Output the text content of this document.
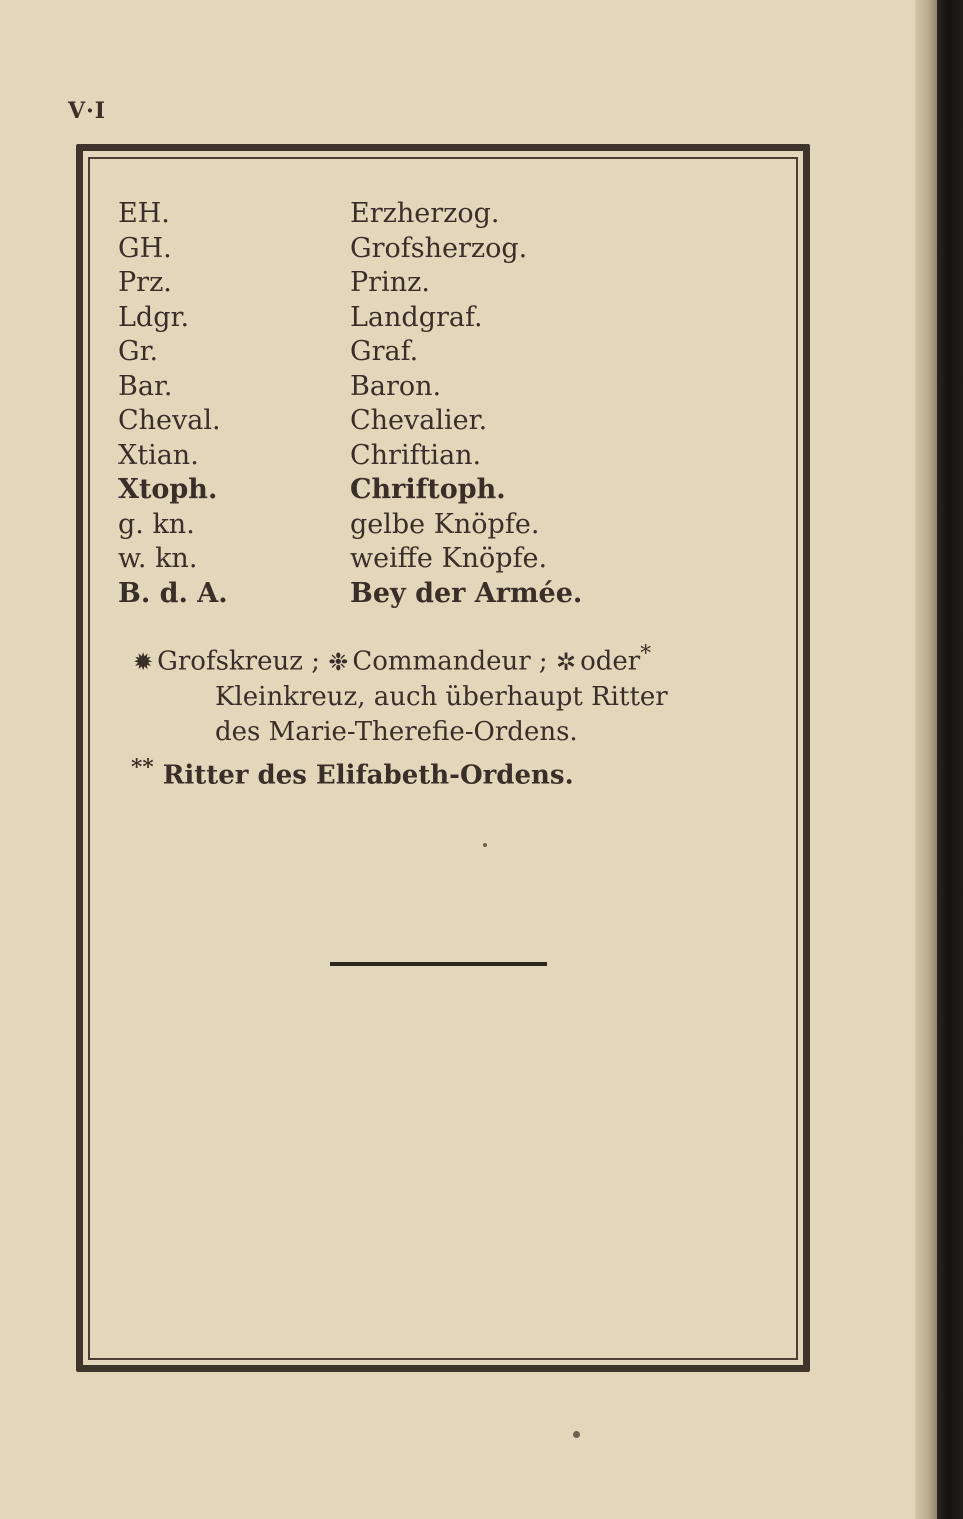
V·I
EH.	Erzherzog.
GH.	Grofsherzog.
Prz.	Prinz.
Ldgr.	Landgraf.
Gr.	Graf.
Bar.	Baron.
Cheval.	Chevalier.
Xtian.	Chriftian.
Xtoph.	Chriftoph.
g. kn.	gelbe Knöpfe.
w. kn.	weiffe Knöpfe.
B. d. A.	Bey der Armée.
✹ Grofskreuz ; ❉ Commandeur ; ✲ oder*
Kleinkreuz, auch überhaupt Ritter
des Marie-Therefie-Ordens.
** Ritter des Elifabeth-Ordens.
